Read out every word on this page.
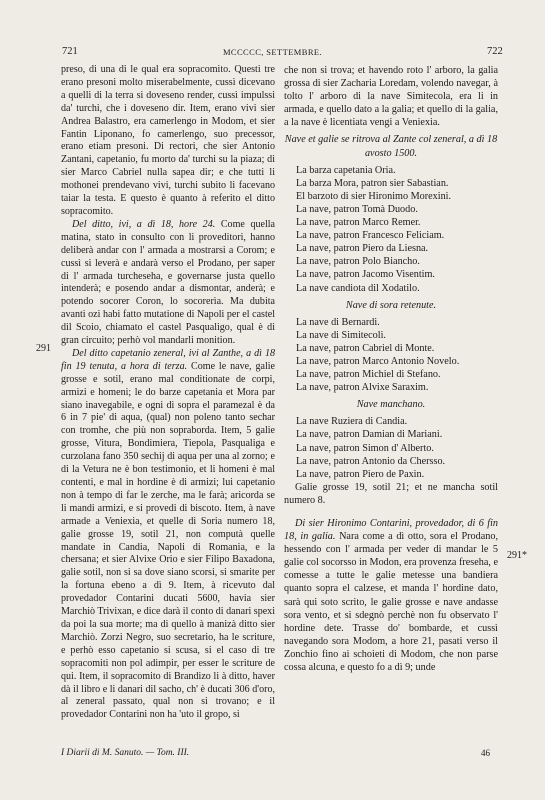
721	MCCCCC, SETTEMBRE.	722
291
291*

preso, di una di le qual era sopracomito. Questi tre erano presoni molto miserabelmente, cussì dicevano a quelli di la terra si doveseno render, cussì impulssi da' turchi, che i doveseno dir. Item, erano vivi sier Andrea Balastro, era camerlengo in Modom, et sier Fantin Liponano, fo camerlengo, suo precessor, erano etiam presoni. Di rectori, che sier Antonio Zantani, capetanio, fu morto da' turchi su la piaza; di sier Marco Cabriel nulla sapea dir; e che tutti li mothonei prendevano vivi, turchi subito li facevano taiar la testa. E questo è quanto à referito el ditto sopracomito.

Del ditto, ivi, a dì 18, hore 24. Come quella matina, stato in consulto con li proveditori, hanno deliberà andar con l' armada a mostrarsi a Corom; e cussì si leverà e andarà verso el Prodano, per saper di l' armada turcheseha, e governarse justa quello intenderà; e posendo andar a dismontar, anderà; e potendo socorer Coron, lo socorerìa. Ma dubita avanti ozi habi fatto mutatione di Napoli per el castel dil Scoio, chiamato el castel Pasqualigo, qual è di gran circuito; perhò vol mandarli monition.

Del ditto capetanio zeneral, ivi al Zanthe, a dì 18 fin 19 tenuta, a hora di terza. Come le nave, galie grosse e sotil, erano mal conditionate de corpi, armizi e homeni; le do barze capetania et Mora par siano inavegabile, e ogni dì sopra el paramezal è da 6 in 7 pie' di aqua, (qual) non poleno tanto sechar con tromhe, che più non sopraborda. Item, 5 galie grosse, Vitura, Bondimiera, Tiepola, Pasqualiga e curzolana fano 350 sechij di aqua per una al zorno; e di la Vetura ne è bon testimonio, et li homeni è mal contenti, e mal in hordine è di armizi; lui capetanio non à tempo di far le zerche, ma le farà; aricorda se li mandi armizi, e si provedi di biscoto. Item, à nave armade a Veniexia, et quelle di Soria numero 18, galie grosse 19, sotil 21, non computà quelle mandate in Candia, Napoli di Romania, e la chersana; et sier Alvixe Orio e sier Filipo Baxadona, galie sotil, non si sa dove siano scorsi, si smarite per la fortuna ebeno a dì 9. Item, à ricevuto dal provedador Contarini ducati 5600, havia sier Marchiò Trivixan, e dice darà il conto di danari spexi da poi la sua morte; ma di quello à manizà ditto sier Marchiò. Zorzi Negro, suo secretario, ha le scriture, e perhò esso capetanio si scusa, si el caso di tre sopracomiti non pol adimpir, per esser le scriture de qui. Item, il sopracomito di Brandizo li à ditto, haver dà il libro e li danari dil sacho, ch' è ducati 306 d'oro, al zeneral passato, qual non si trovano; e il provedador Contarini non ha 'uto il gropo, si

che non si trova; et havendo roto l' arboro, la galia grossa di sier Zacharia Loredam, volendo navegar, à tolto l' arboro di la nave Simitecola, era li in armada, e quello dato a la galia; et quello di la galia, a la nave è licentiata vengi a Veniexia.

Nave et galie se ritrova al Zante col zeneral, a dì 18 avosto 1500.

La barza capetania Oria.

La barza Mora, patron sier Sabastian.

El barzoto di sier Hironimo Morexini.

La nave, patron Tomà Duodo.

La nave, patron Marco Remer.

La nave, patron Francesco Feliciam.

La nave, patron Piero da Liesna.

La nave, patron Polo Biancho.

La nave, patron Jacomo Visentim.

La nave candiota dil Xodatilo.

Nave di sora retenute.

La nave di Bernardi.

La nave di Simitecoli.

La nave, patron Cabriel di Monte.

La nave, patron Marco Antonio Novelo.

La nave, patron Michiel di Stefano.

La nave, patron Alvixe Saraxim.

Nave manchano.

La nave Ruziera di Candia.

La nave, patron Damian di Mariani.

La nave, patron Simon d' Alberto.

La nave, patron Antonio da Chersso.

La nave, patron Piero de Paxin.

Galie grosse 19, sotil 21; et ne mancha sotil numero 8.

Di sier Hironimo Contarini, provedador, di 6 fin 18, in galia. Nara come a dì otto, sora el Prodano, hessendo con l' armada per veder di mandar le 5 galie col socorsso in Modon, era provenza freseha, e comesse a tutte le galie metesse una bandiera quanto sopra el calzese, et manda l' hordine dato, sarà qui soto scrito, le galie grosse e nave andasse sora vento, et si sdegnò perchè non fu observato l' hordine dete. Trasse do' bombarde, et cussì navegando sora Modom, a hore 21, pasati verso il Zonchio fino ai schoieti di Modom, che non parse cossa alcuna, e questo fo a dì 9; unde

I Diarii di M. Sanuto. — Tom. III.	46
